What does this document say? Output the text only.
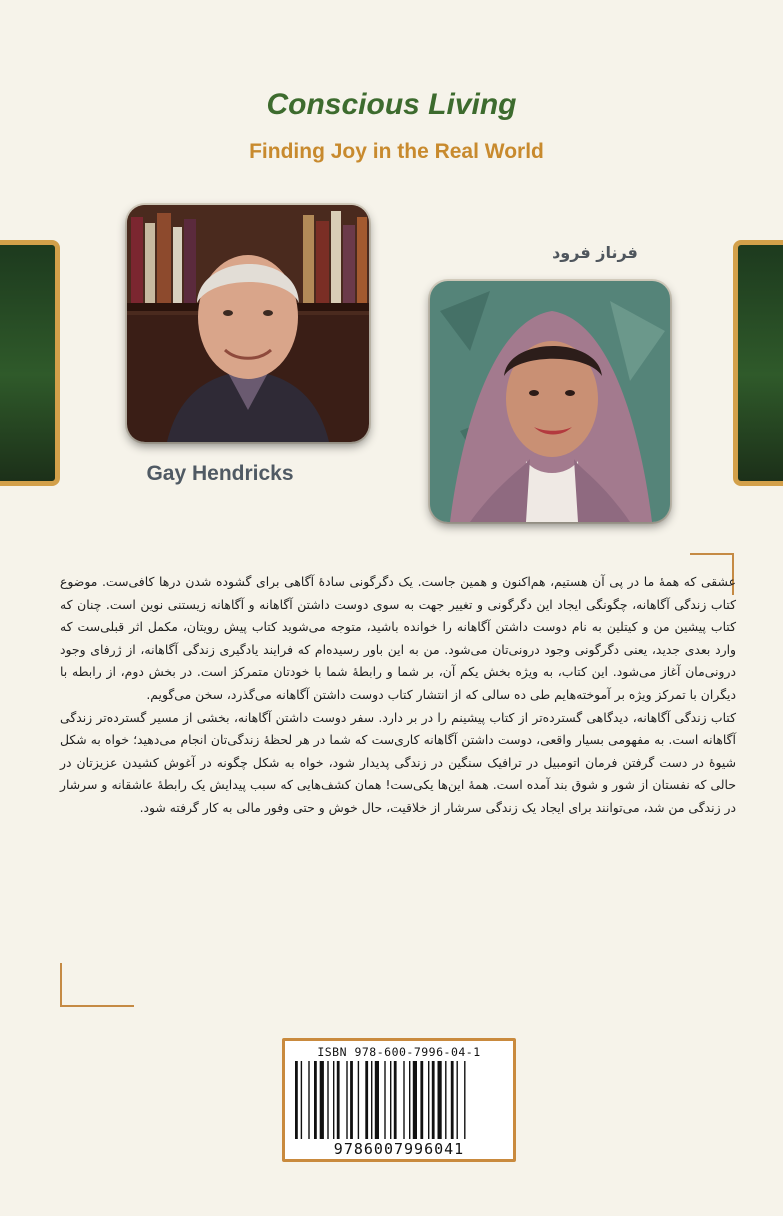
Conscious Living
Finding Joy in the Real World
Gay Hendricks
فرناز فرود

عشقی که همهٔ ما در پی آن هستیم، هم‌اکنون و همین جاست. یک دگرگونی سادهٔ آگاهی برای گشوده شدن درها کافی‌ست. موضوع کتاب زندگی آگاهانه، چگونگی ایجاد این دگرگونی و تغییر جهت به سوی دوست داشتن آگاهانه و آگاهانه زیستنی نوین است. چنان که کتاب پیشین من و کیتلین به نام دوست داشتن آگاهانه را خوانده باشید، متوجه می‌شوید کتاب پیش رویتان، مکمل اثر قبلی‌ست که وارد بعدی جدید، یعنی دگرگونی وجود درونی‌تان می‌شود. من به این باور رسیده‌ام که فرایند یادگیری زندگی آگاهانه، از ژرفای وجود درونی‌مان آغاز می‌شود. این کتاب، به ویژه بخش یکم آن، بر شما و رابطهٔ شما با خودتان متمرکز است. در بخش دوم، از رابطه با دیگران با تمرکز ویژه بر آموخته‌هایم طی ده سالی که از انتشار کتاب دوست داشتن آگاهانه می‌گذرد، سخن می‌گویم.

کتاب زندگی آگاهانه، دیدگاهی گسترده‌تر از کتاب پیشینم را در بر دارد. سفر دوست داشتن آگاهانه، بخشی از مسیر گسترده‌تر زندگی آگاهانه است. به مفهومی بسیار واقعی، دوست داشتن آگاهانه کاری‌ست که شما در هر لحظهٔ زندگی‌تان انجام می‌دهید؛ خواه به شکل شیوهٔ در دست گرفتن فرمان اتومبیل در ترافیک سنگین در زندگی پدیدار شود، خواه به شکل چگونه در آغوش کشیدن عزیزتان در حالی که نفستان از شور و شوق بند آمده است. همهٔ این‌ها یکی‌ست! همان کشف‌هایی که سبب پیدایش یک رابطهٔ عاشقانه و سرشار در زندگی من شد، می‌توانند برای ایجاد یک زندگی سرشار از خلاقیت، حال خوش و حتی وفور مالی به کار گرفته شود.

ISBN 978-600-7996-04-1
9786007996041
